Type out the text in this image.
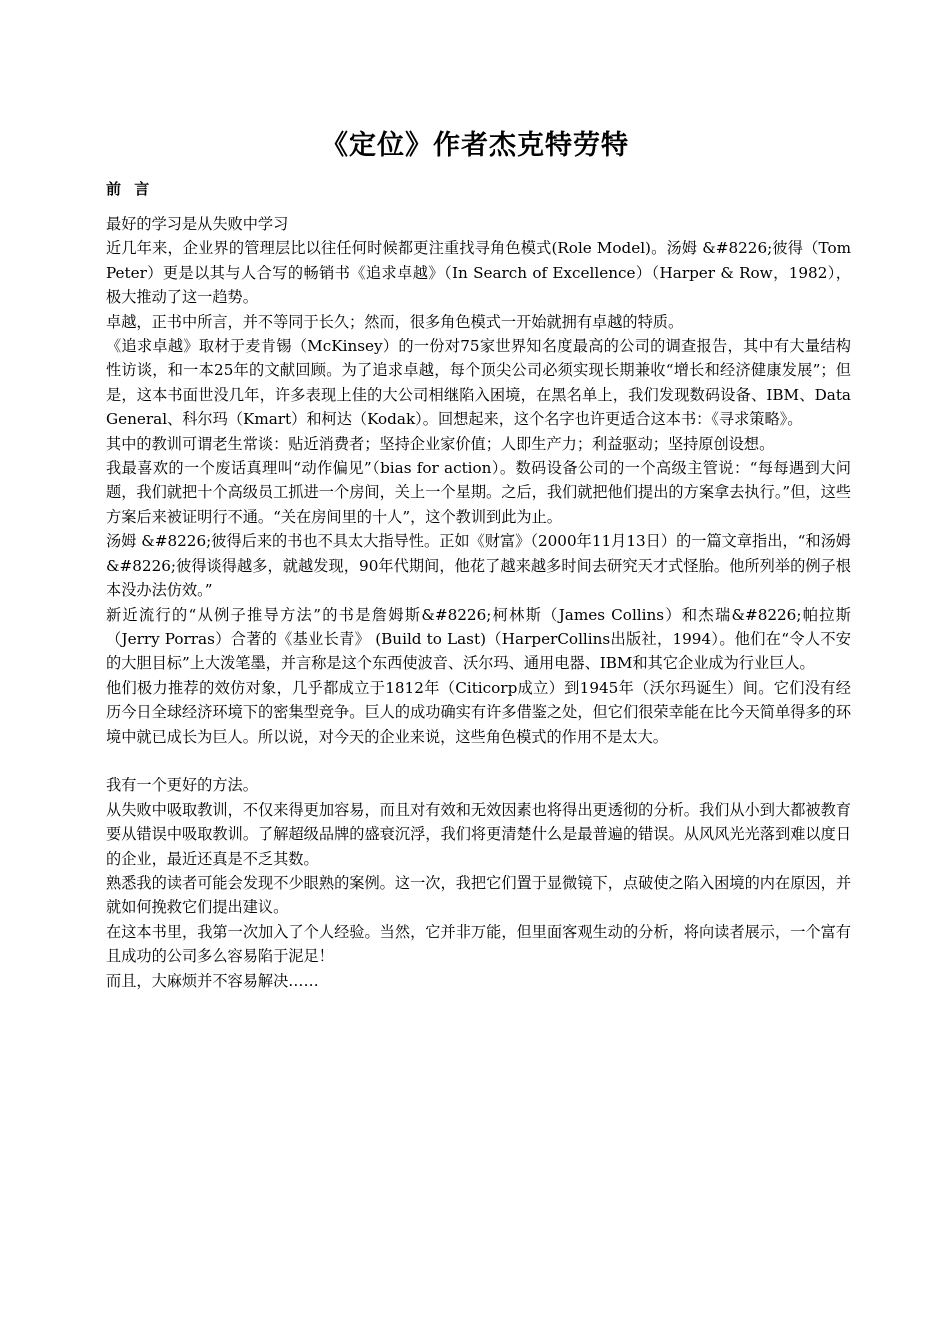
《定位》作者杰克特劳特
前 言

最好的学习是从失败中学习

近几年来，企业界的管理层比以往任何时候都更注重找寻角色模式(Role Model)。汤姆 &#8226;彼得（Tom Peter）更是以其与人合写的畅销书《追求卓越》（In Search of Excellence）（Harper & Row，1982），极大推动了这一趋势。

卓越，正书中所言，并不等同于长久；然而，很多角色模式一开始就拥有卓越的特质。

《追求卓越》取材于麦肯锡（McKinsey）的一份对75家世界知名度最高的公司的调查报告，其中有大量结构性访谈，和一本25年的文献回顾。为了追求卓越，每个顶尖公司必须实现长期兼收“增长和经济健康发展”；但是，这本书面世没几年，许多表现上佳的大公司相继陷入困境，在黑名单上，我们发现数码设备、IBM、Data General、科尔玛（Kmart）和柯达（Kodak）。回想起来，这个名字也许更适合这本书：《寻求策略》。

其中的教训可谓老生常谈：贴近消费者；坚持企业家价值；人即生产力；利益驱动；坚持原创设想。

我最喜欢的一个废话真理叫“动作偏见”（bias for action）。数码设备公司的一个高级主管说：“每每遇到大问题，我们就把十个高级员工抓进一个房间，关上一个星期。之后，我们就把他们提出的方案拿去执行。”但，这些方案后来被证明行不通。“关在房间里的十人”，这个教训到此为止。

汤姆 &#8226;彼得后来的书也不具太大指导性。正如《财富》（2000年11月13日）的一篇文章指出，“和汤姆 &#8226;彼得谈得越多，就越发现，90年代期间，他花了越来越多时间去研究天才式怪胎。他所列举的例子根本没办法仿效。”

新近流行的“从例子推导方法”的书是詹姆斯&#8226;柯林斯（James Collins）和杰瑞&#8226;帕拉斯（Jerry Porras）合著的《基业长青》 (Build to Last)（HarperCollins出版社，1994）。他们在“令人不安的大胆目标”上大泼笔墨，并言称是这个东西使波音、沃尔玛、通用电器、IBM和其它企业成为行业巨人。

他们极力推荐的效仿对象，几乎都成立于1812年（Citicorp成立）到1945年（沃尔玛诞生）间。它们没有经历今日全球经济环境下的密集型竞争。巨人的成功确实有许多借鉴之处，但它们很荣幸能在比今天简单得多的环境中就已成长为巨人。所以说，对今天的企业来说，这些角色模式的作用不是太大。

我有一个更好的方法。

从失败中吸取教训，不仅来得更加容易，而且对有效和无效因素也将得出更透彻的分析。我们从小到大都被教育要从错误中吸取教训。了解超级品牌的盛衰沉浮，我们将更清楚什么是最普遍的错误。从风风光光落到难以度日的企业，最近还真是不乏其数。

熟悉我的读者可能会发现不少眼熟的案例。这一次，我把它们置于显微镜下，点破使之陷入困境的内在原因，并就如何挽救它们提出建议。

在这本书里，我第一次加入了个人经验。当然，它并非万能，但里面客观生动的分析，将向读者展示，一个富有且成功的公司多么容易陷于泥足！

而且，大麻烦并不容易解决……
